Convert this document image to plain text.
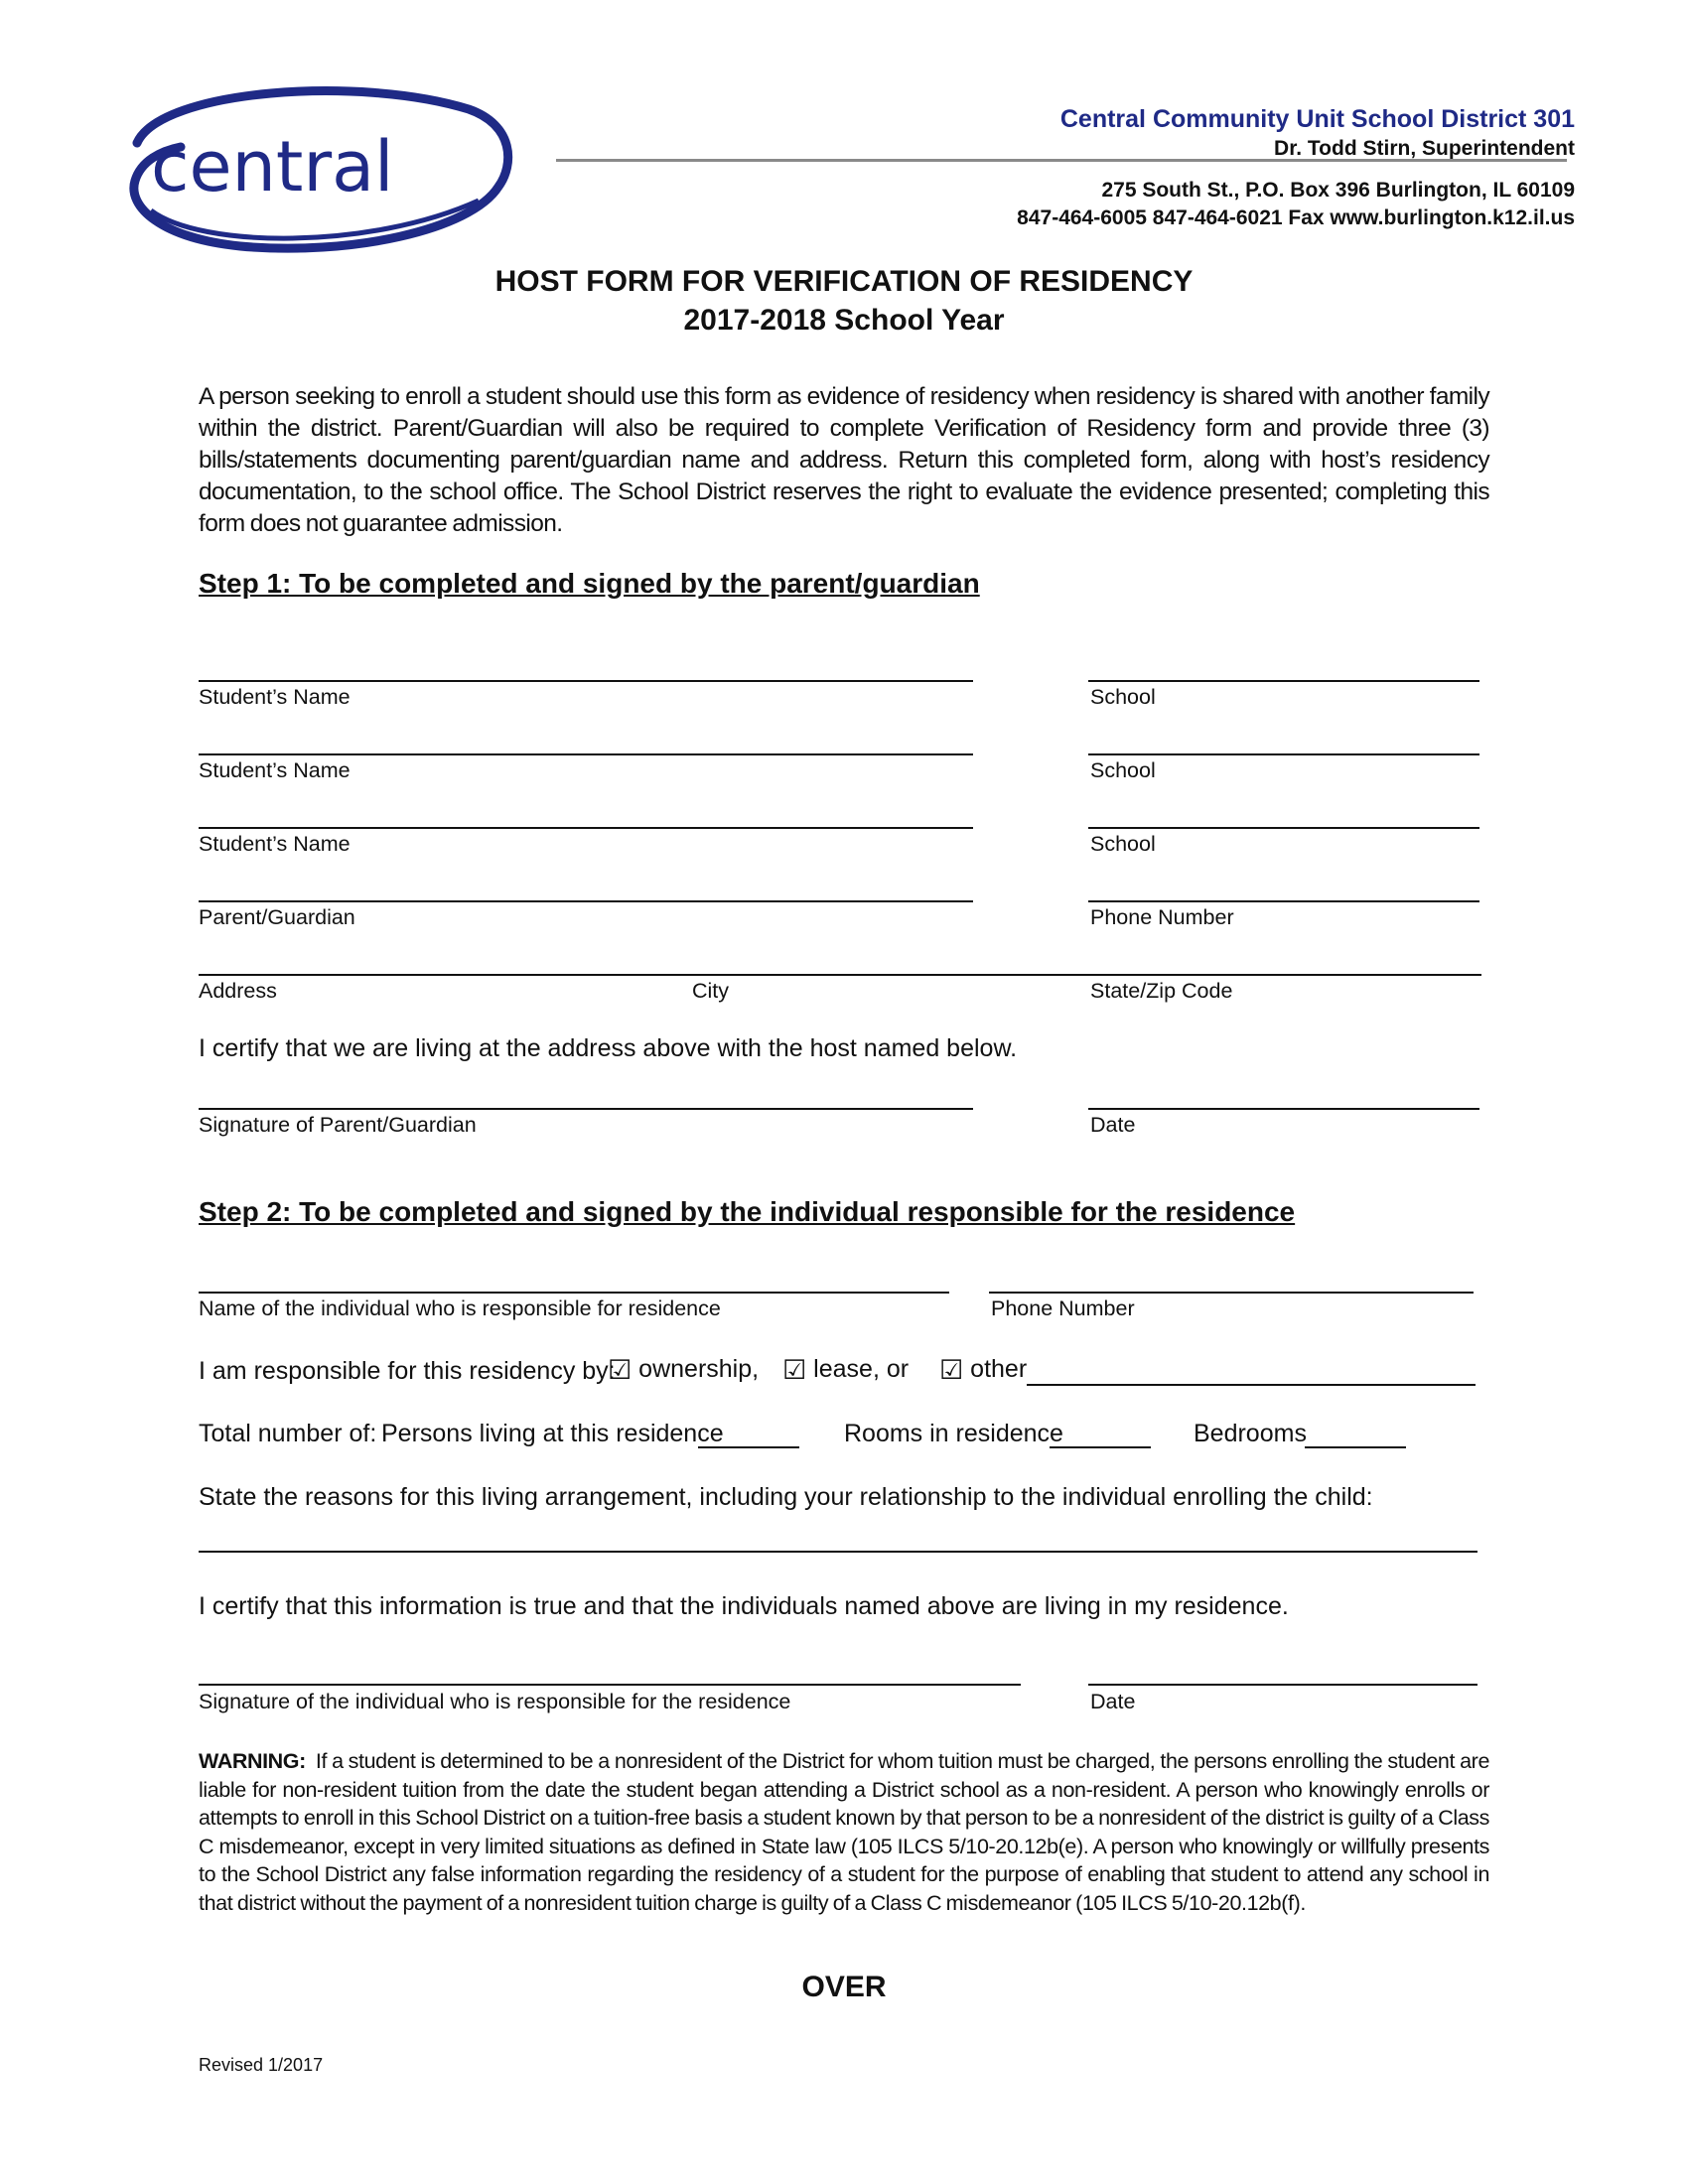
central
Central Community Unit School District 301
Dr. Todd Stirn, Superintendent
275 South St., P.O. Box 396 Burlington, IL 60109
847-464-6005 847-464-6021 Fax www.burlington.k12.il.us
HOST FORM FOR VERIFICATION OF RESIDENCY
2017-2018 School Year
A person seeking to enroll a student should use this form as evidence of residency when residency is shared with another family within the district. Parent/Guardian will also be required to complete Verification of Residency form and provide three (3) bills/statements documenting parent/guardian name and address. Return this completed form, along with host’s residency documentation, to the school office. The School District reserves the right to evaluate the evidence presented; completing this form does not guarantee admission.
Step 1: To be completed and signed by the parent/guardian
Student’s Name	School
Student’s Name	School
Student’s Name	School
Parent/Guardian	Phone Number
Address	City	State/Zip Code
I certify that we are living at the address above with the host named below.
Signature of Parent/Guardian	Date
Step 2: To be completed and signed by the individual responsible for the residence
Name of the individual who is responsible for residence	Phone Number
I am responsible for this residency by:
☑ ownership, ☑ lease, or ☑ other
Total number of: Persons living at this residence	Rooms in residence	Bedrooms
State the reasons for this living arrangement, including your relationship to the individual enrolling the child:
I certify that this information is true and that the individuals named above are living in my residence.
Signature of the individual who is responsible for the residence	Date
WARNING: If a student is determined to be a nonresident of the District for whom tuition must be charged, the persons enrolling the student are liable for non-resident tuition from the date the student began attending a District school as a non-resident. A person who knowingly enrolls or attempts to enroll in this School District on a tuition-free basis a student known by that person to be a nonresident of the district is guilty of a Class C misdemeanor, except in very limited situations as defined in State law (105 ILCS 5/10-20.12b(e). A person who knowingly or willfully presents to the School District any false information regarding the residency of a student for the purpose of enabling that student to attend any school in that district without the payment of a nonresident tuition charge is guilty of a Class C misdemeanor (105 ILCS 5/10-20.12b(f).
OVER
Revised 1/2017
